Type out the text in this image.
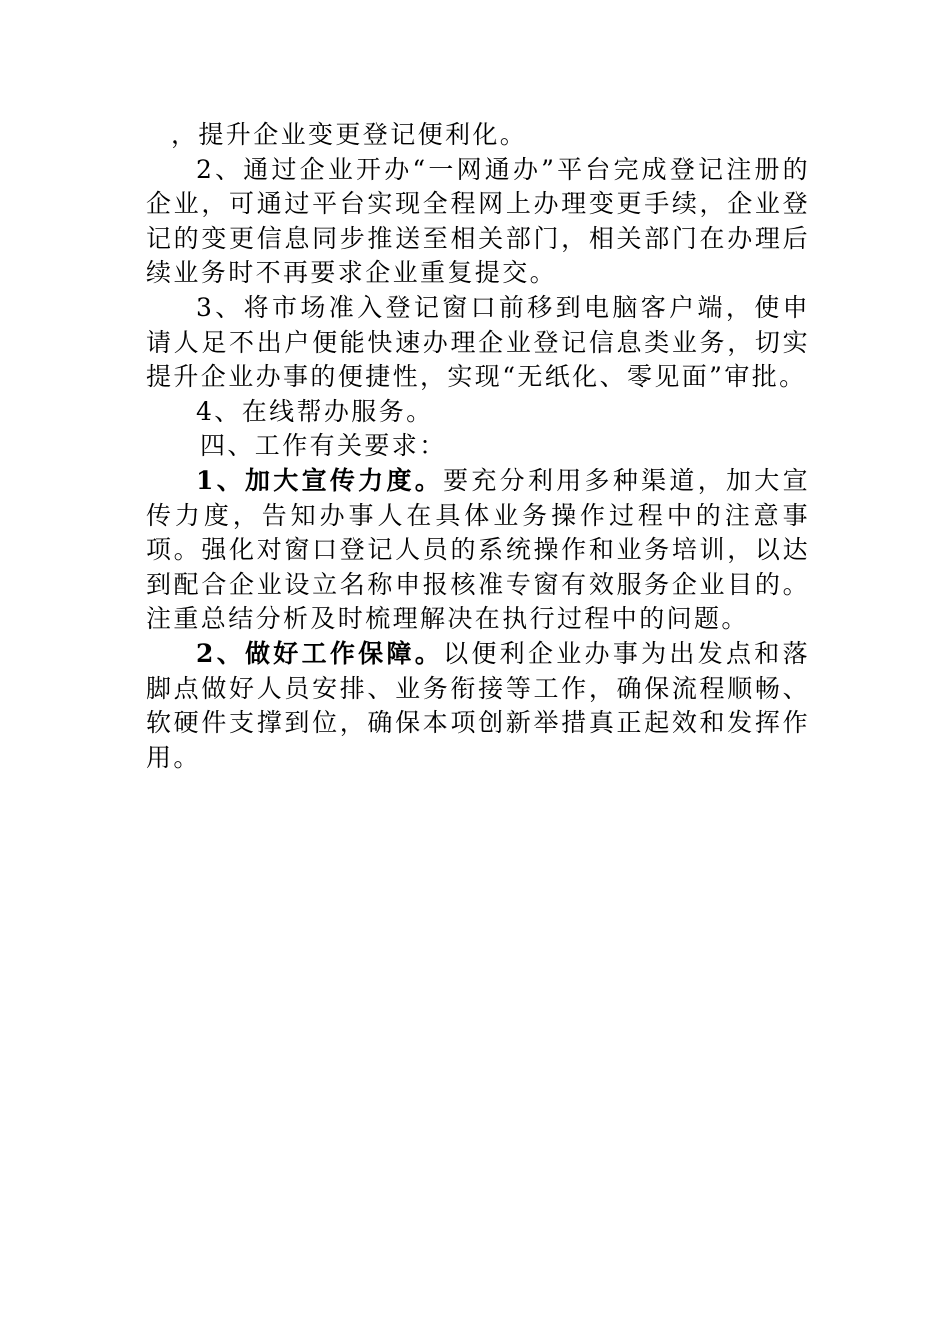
，提升企业变更登记便利化。

2、通过企业开办“一网通办”平台完成登记注册的企业，可通过平台实现全程网上办理变更手续，企业登记的变更信息同步推送至相关部门，相关部门在办理后续业务时不再要求企业重复提交。

3、将市场准入登记窗口前移到电脑客户端，使申请人足不出户便能快速办理企业登记信息类业务，切实提升企业办事的便捷性，实现“无纸化、零见面”审批。

4、在线帮办服务。

四、工作有关要求：

1、加大宣传力度。要充分利用多种渠道，加大宣传力度，告知办事人在具体业务操作过程中的注意事项。强化对窗口登记人员的系统操作和业务培训，以达到配合企业设立名称申报核准专窗有效服务企业目的。注重总结分析及时梳理解决在执行过程中的问题。

2、做好工作保障。以便利企业办事为出发点和落脚点做好人员安排、业务衔接等工作，确保流程顺畅、软硬件支撑到位，确保本项创新举措真正起效和发挥作用。
